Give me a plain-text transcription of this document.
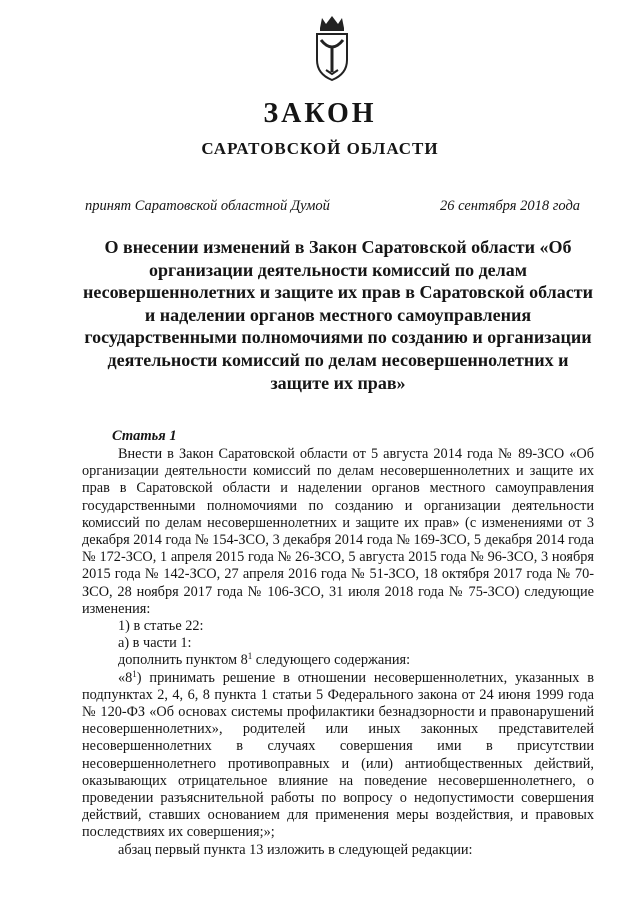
ЗАКОН
САРАТОВСКОЙ ОБЛАСТИ
принят Саратовской областной Думой	26 сентября 2018 года
О внесении изменений в Закон Саратовской области «Об организации деятельности комиссий по делам несовершеннолетних и защите их прав в Саратовской области и наделении органов местного самоуправления государственными полномочиями по созданию и организации деятельности комиссий по делам несовершеннолетних и защите их прав»
Статья 1

Внести в Закон Саратовской области от 5 августа 2014 года № 89-ЗСО «Об организации деятельности комиссий по делам несовершеннолетних и защите их прав в Саратовской области и наделении органов местного самоуправления государственными полномочиями по созданию и организации деятельности комиссий по делам несовершеннолетних и защите их прав» (с изменениями от 3 декабря 2014 года № 154-ЗСО, 3 декабря 2014 года № 169-ЗСО, 5 декабря 2014 года № 172-ЗСО, 1 апреля 2015 года № 26-ЗСО, 5 августа 2015 года № 96-ЗСО, 3 ноября 2015 года № 142-ЗСО, 27 апреля 2016 года № 51-ЗСО, 18 октября 2017 года № 70-ЗСО, 28 ноября 2017 года № 106-ЗСО, 31 июля 2018 года № 75-ЗСО) следующие изменения:

1) в статье 22:

а) в части 1:

дополнить пунктом $8^1$ следующего содержания:

«$8^1$) принимать решение в отношении несовершеннолетних, указанных в подпунктах 2, 4, 6, 8 пункта 1 статьи 5 Федерального закона от 24 июня 1999 года № 120-ФЗ «Об основах системы профилактики безнадзорности и правонарушений несовершеннолетних», родителей или иных законных представителей несовершеннолетних в случаях совершения ими в присутствии несовершеннолетнего противоправных и (или) антиобщественных действий, оказывающих отрицательное влияние на поведение несовершеннолетнего, о проведении разъяснительной работы по вопросу о недопустимости совершения действий, ставших основанием для применения меры воздействия, и правовых последствиях их совершения;»;

абзац первый пункта 13 изложить в следующей редакции:
